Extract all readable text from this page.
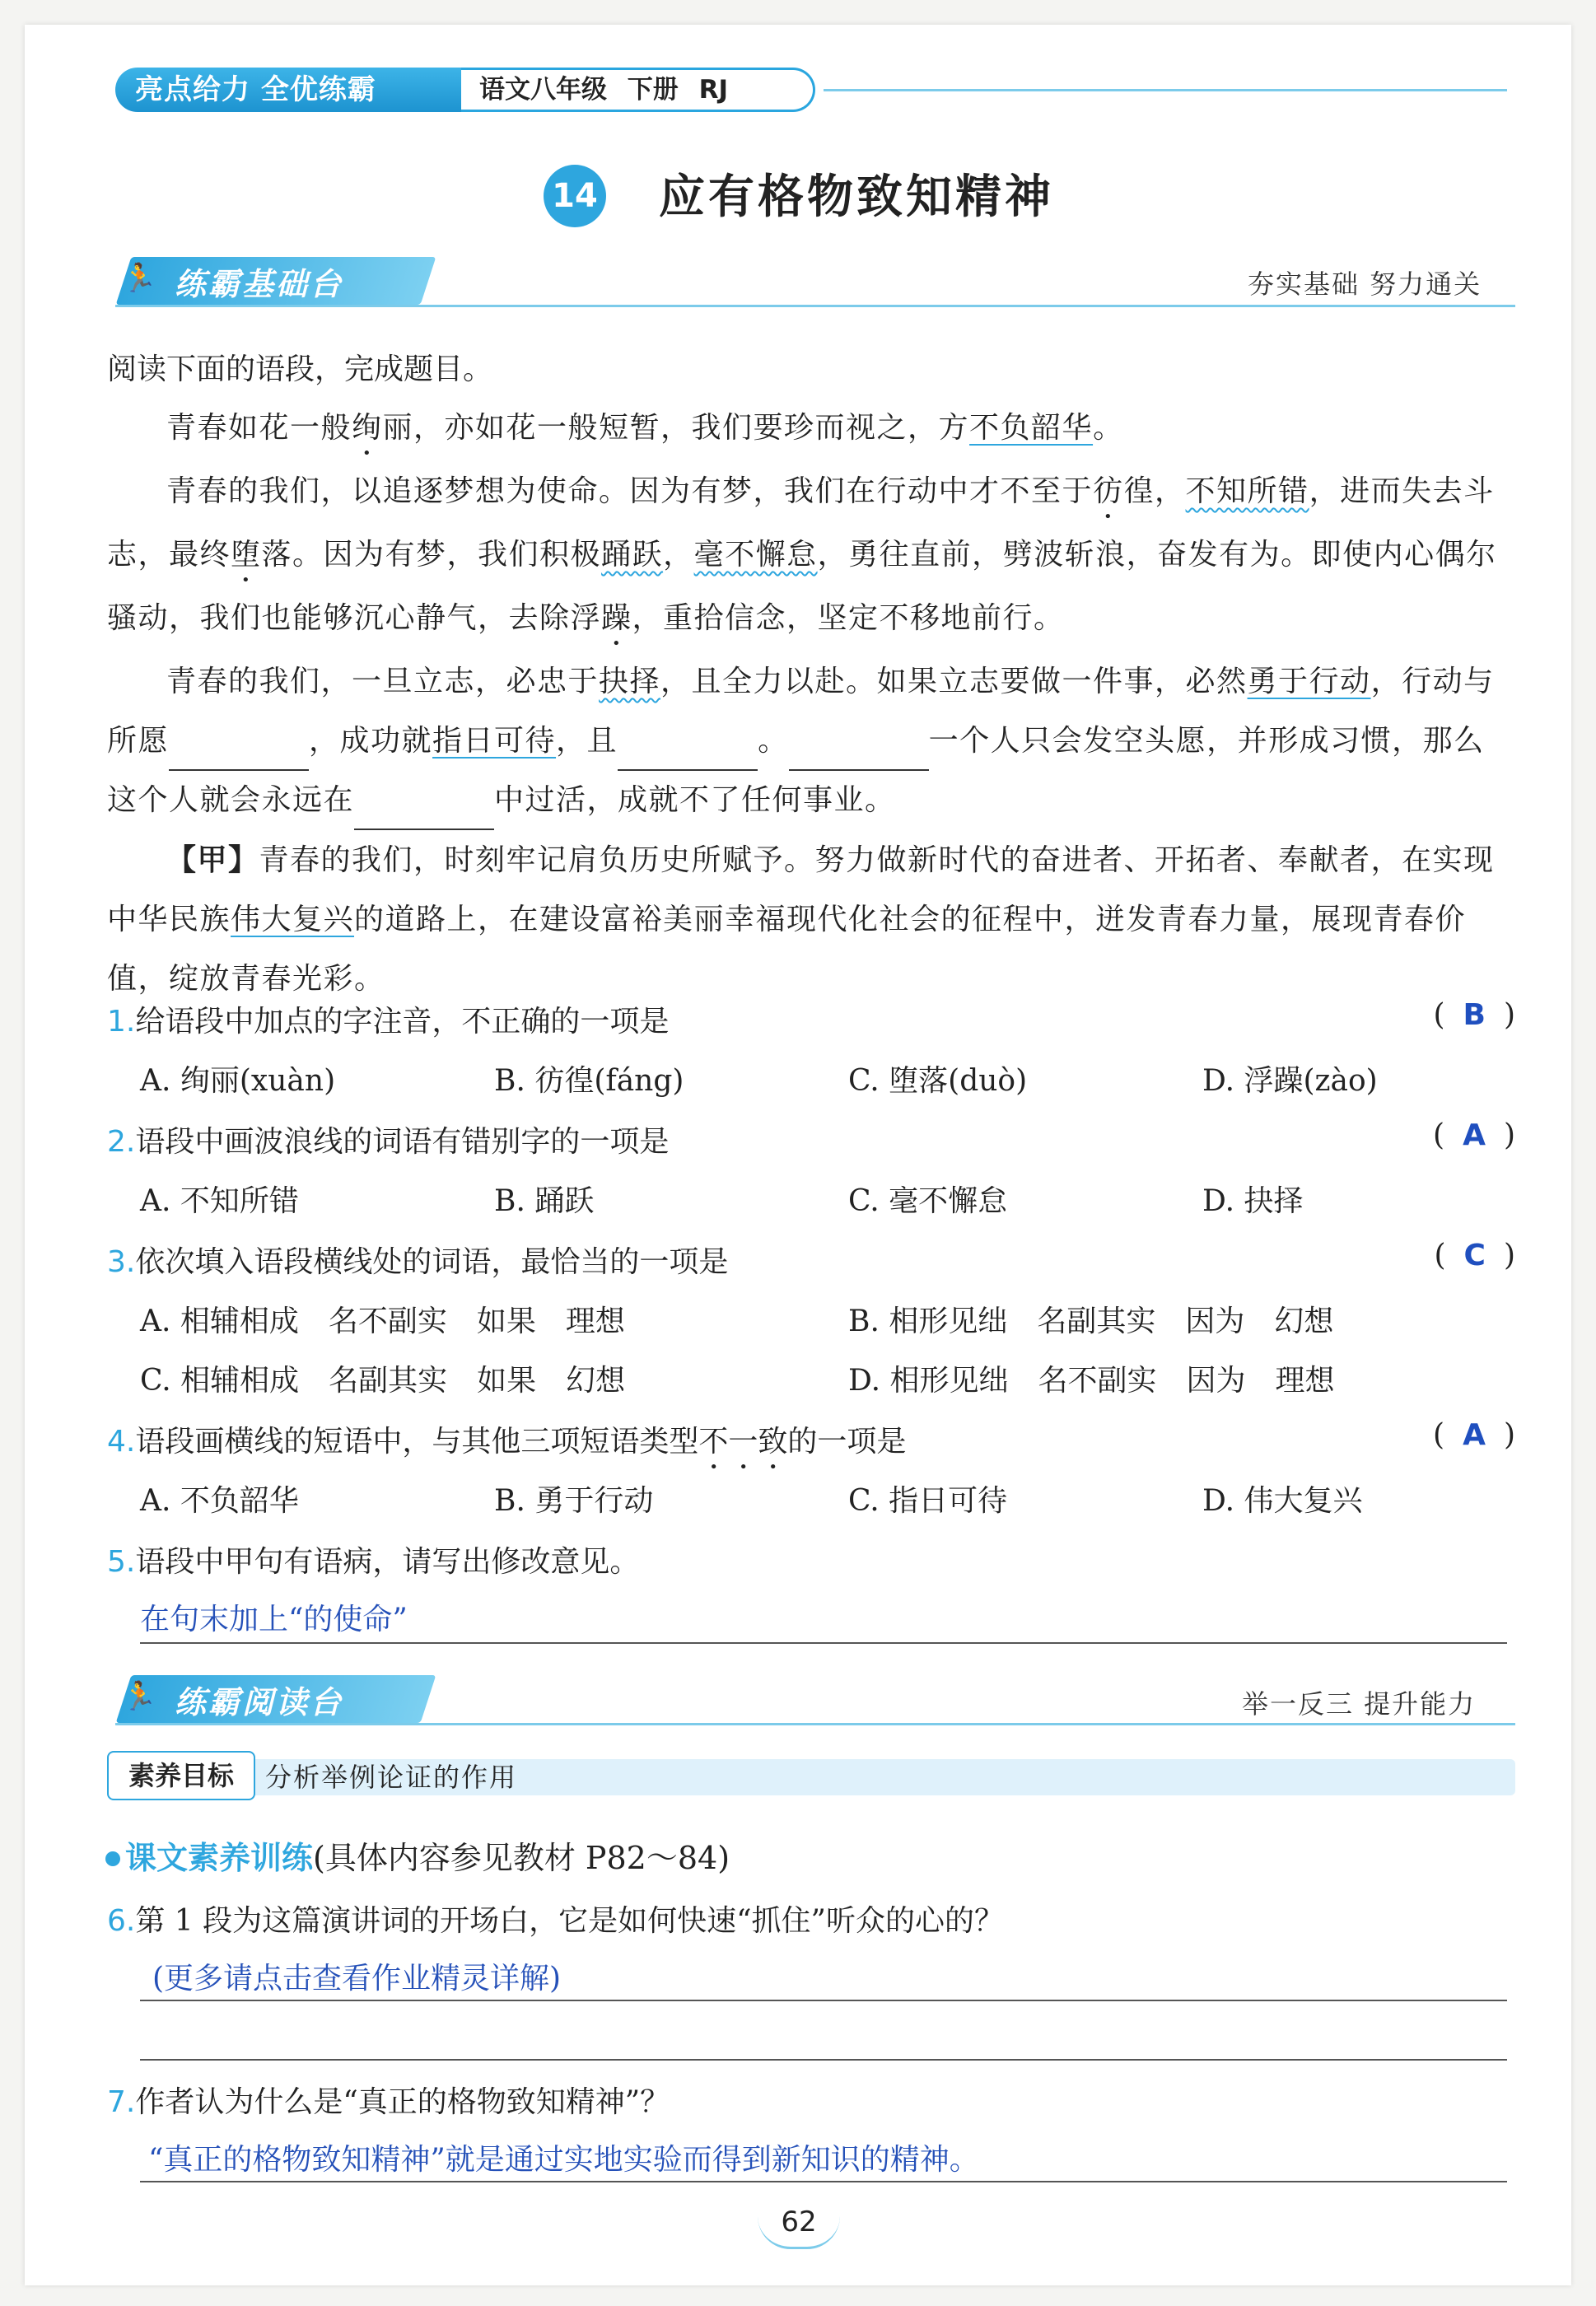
亮点给力 全优练霸	语文八年级 下册 RJ
14 应有格物致知精神
🏃 练霸基础台	夯实基础 努力通关
阅读下面的语段，完成题目。

青春如花一般绚丽，亦如花一般短暂，我们要珍而视之，方不负韶华。

青春的我们，以追逐梦想为使命。因为有梦，我们在行动中才不至于彷徨，不知所错，进而失去斗志，最终堕落。因为有梦，我们积极踊跃，毫不懈怠，勇往直前，劈波斩浪，奋发有为。即使内心偶尔骚动，我们也能够沉心静气，去除浮躁，重拾信念，坚定不移地前行。

青春的我们，一旦立志，必忠于抉择，且全力以赴。如果立志要做一件事，必然勇于行动，行动与所愿	，成功就指日可待，且	。	一个人只会发空头愿，并形成习惯，那么这个人就会永远在	中过活，成就不了任何事业。

【甲】青春的我们，时刻牢记肩负历史所赋予。努力做新时代的奋进者、开拓者、奉献者，在实现中华民族伟大复兴的道路上，在建设富裕美丽幸福现代化社会的征程中，迸发青春力量，展现青春价值，绽放青春光彩。

1.给语段中加点的字注音，不正确的一项是	( B )
A. 绚丽(xuàn)	B. 彷徨(fáng)	C. 堕落(duò)	D. 浮躁(zào)
2.语段中画波浪线的词语有错别字的一项是	( A )
A. 不知所错	B. 踊跃	C. 毫不懈怠	D. 抉择
3.依次填入语段横线处的词语，最恰当的一项是	( C )
A. 相辅相成　名不副实　如果　理想	B. 相形见绌　名副其实　因为　幻想
C. 相辅相成　名副其实　如果　幻想	D. 相形见绌　名不副实　因为　理想
4.语段画横线的短语中，与其他三项短语类型不一致的一项是	( A )
A. 不负韶华	B. 勇于行动	C. 指日可待	D. 伟大复兴
5.语段中甲句有语病，请写出修改意见。
在句末加上“的使命”
🏃 练霸阅读台	举一反三 提升能力
素养目标	分析举例论证的作用
课文素养训练(具体内容参见教材 P82～84)
6.第 1 段为这篇演讲词的开场白，它是如何快速“抓住”听众的心的？
(更多请点击查看作业精灵详解)
7.作者认为什么是“真正的格物致知精神”？
“真正的格物致知精神”就是通过实地实验而得到新知识的精神。
62
